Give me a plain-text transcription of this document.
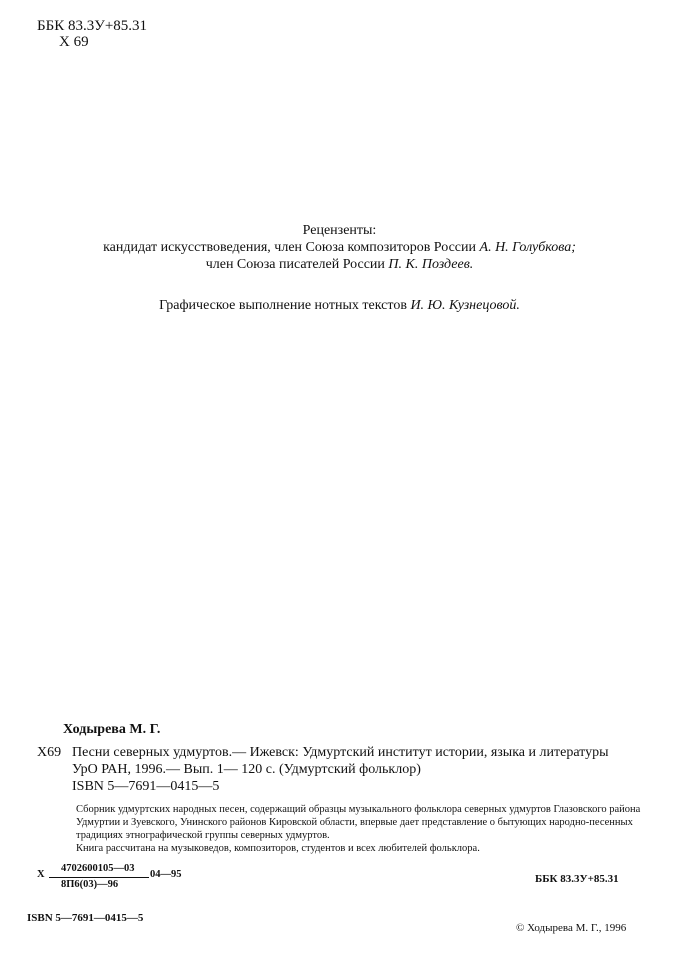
ББК 83.3У+85.31
Х 69
Рецензенты:
кандидат искусствоведения, член Союза композиторов России А. Н. Голубкова;
член Союза писателей России П. К. Поздеев.
Графическое выполнение нотных текстов И. Ю. Кузнецовой.
Ходырева М. Г.
Х69 Песни северных удмуртов.— Ижевск: Удмуртский институт истории, языка и литературы
УрО РАН, 1996.— Вып. 1— 120 с. (Удмуртский фольклор)
ISBN 5—7691—0415—5

Сборник удмуртских народных песен, содержащий образцы музыкального фольклора северных удмуртов Глазовского района Удмуртии и Зуевского, Унинского районов Кировской области, впервые дает представление о бытующих народно-песенных традициях этнографической группы северных удмуртов.

Книга рассчитана на музыковедов, композиторов, студентов и всех любителей фольклора.

Х
4702600105—03
8П6(03)—96
04—95	ББК 83.3У+85.31
ISBN 5—7691—0415—5
© Ходырева М. Г., 1996
